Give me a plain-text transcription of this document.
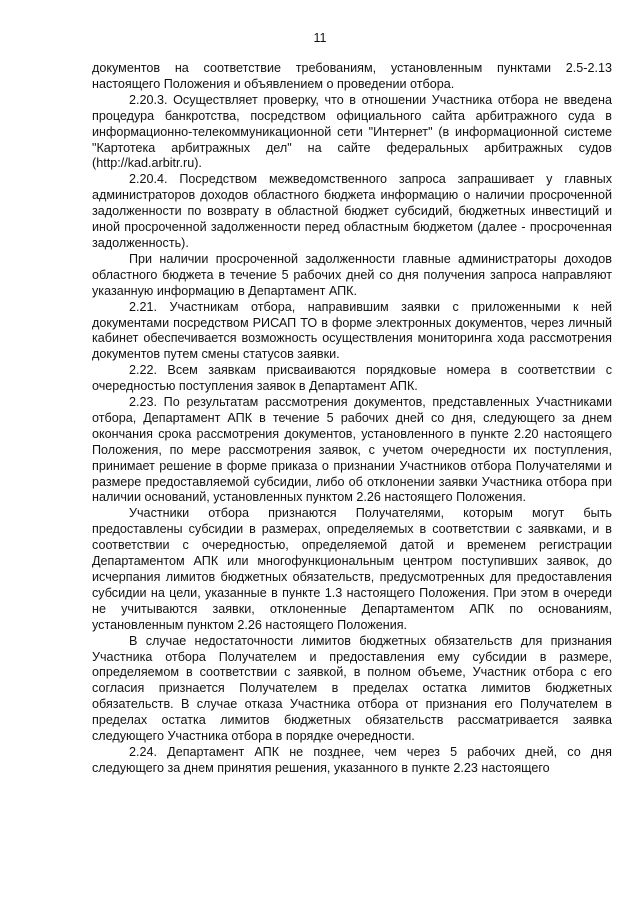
11

документов на соответствие требованиям, установленным пунктами 2.5-2.13 настоящего Положения и объявлением о проведении отбора.

2.20.3. Осуществляет проверку, что в отношении Участника отбора не введена процедура банкротства, посредством официального сайта арбитражного суда в информационно-телекоммуникационной сети "Интернет" (в информационной системе "Картотека арбитражных дел" на сайте федеральных арбитражных судов (http://kad.arbitr.ru).

2.20.4. Посредством межведомственного запроса запрашивает у главных администраторов доходов областного бюджета информацию о наличии просроченной задолженности по возврату в областной бюджет субсидий, бюджетных инвестиций и иной просроченной задолженности перед областным бюджетом (далее - просроченная задолженность).

При наличии просроченной задолженности главные администраторы доходов областного бюджета в течение 5 рабочих дней со дня получения запроса направляют указанную информацию в Департамент АПК.

2.21. Участникам отбора, направившим заявки с приложенными к ней документами посредством РИСАП ТО в форме электронных документов, через личный кабинет обеспечивается возможность осуществления мониторинга хода рассмотрения документов путем смены статусов заявки.

2.22. Всем заявкам присваиваются порядковые номера в соответствии с очередностью поступления заявок в Департамент АПК.

2.23. По результатам рассмотрения документов, представленных Участниками отбора, Департамент АПК в течение 5 рабочих дней со дня, следующего за днем окончания срока рассмотрения документов, установленного в пункте 2.20 настоящего Положения, по мере рассмотрения заявок, с учетом очередности их поступления, принимает решение в форме приказа о признании Участников отбора Получателями и размере предоставляемой субсидии, либо об отклонении заявки Участника отбора при наличии оснований, установленных пунктом 2.26 настоящего Положения.

Участники отбора признаются Получателями, которым могут быть предоставлены субсидии в размерах, определяемых в соответствии с заявками, и в соответствии с очередностью, определяемой датой и временем регистрации Департаментом АПК или многофункциональным центром поступивших заявок, до исчерпания лимитов бюджетных обязательств, предусмотренных для предоставления субсидии на цели, указанные в пункте 1.3 настоящего Положения. При этом в очереди не учитываются заявки, отклоненные Департаментом АПК по основаниям, установленным пунктом 2.26 настоящего Положения.

В случае недостаточности лимитов бюджетных обязательств для признания Участника отбора Получателем и предоставления ему субсидии в размере, определяемом в соответствии с заявкой, в полном объеме, Участник отбора с его согласия признается Получателем в пределах остатка лимитов бюджетных обязательств. В случае отказа Участника отбора от признания его Получателем в пределах остатка лимитов бюджетных обязательств рассматривается заявка следующего Участника отбора в порядке очередности.

2.24. Департамент АПК не позднее, чем через 5 рабочих дней, со дня следующего за днем принятия решения, указанного в пункте 2.23 настоящего
